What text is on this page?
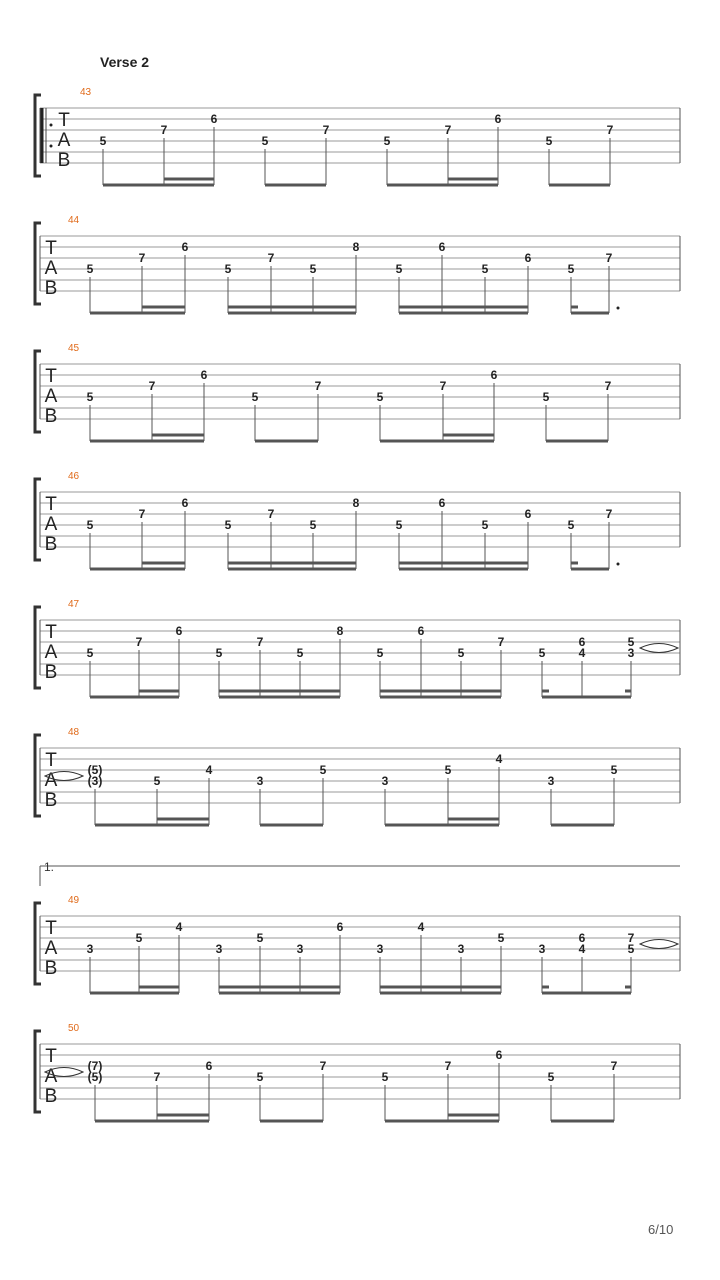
Verse 2
T
A
B
43
5
7
6
5
7
5
7
6
5
7
T
A
B
44
5
7
6
5
7
5
8
5
6
5
6
5
7
T
A
B
45
5
7
6
5
7
5
7
6
5
7
T
A
B
46
5
7
6
5
7
5
8
5
6
5
6
5
7
T
A
B
47
5
7
6
5
7
5
8
5
6
5
7
5
6
4
5
3
T
A
B
48
(5)
(3)	5
4
3
5
3
5
4
3
5
T
A
B
49
3
5
4
3
5
3
6
3
4
3
5
3
6
4
7
5
T
A
B
50
(7)
(5)	7
6
5
7
5
7
6
5
7
1.
6/10
